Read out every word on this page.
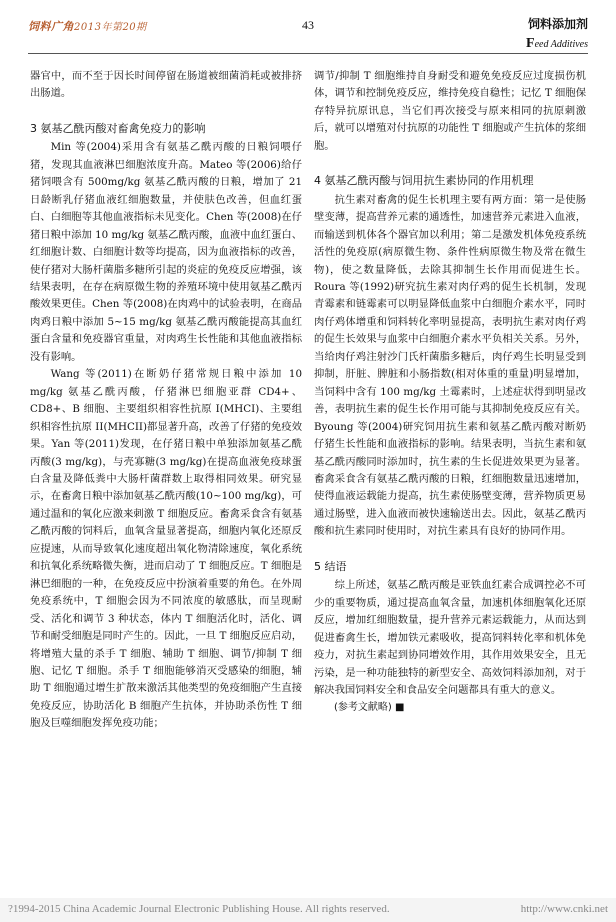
饲料广角2013年第20期	43	饲料添加剂
Feed Additives

器官中，而不至于因长时间停留在肠道被细菌消耗或被排挤出肠道。

3 氨基乙酰丙酸对畜禽免疫力的影响

Min 等(2004)采用含有氨基乙酰丙酸的日粮饲喂仔猪，发现其血液淋巴细胞浓度升高。Mateo 等(2006)给仔猪饲喂含有 500mg/kg 氨基乙酰丙酸的日粮，增加了 21 日龄断乳仔猪血液红细胞数量，并使肤色改善，但血红蛋白、白细胞等其他血液指标未见变化。Chen 等(2008)在仔猪日粮中添加 10 mg/kg 氨基乙酰丙酸，血液中血红蛋白、红细胞计数、白细胞计数等均提高，因为血液指标的改善，使仔猪对大肠杆菌脂多糖所引起的炎症的免疫反应增强，该结果表明，在存在病原微生物的养殖环境中使用氨基乙酰丙酸效果更佳。Chen 等(2008)在肉鸡中的试验表明，在商品肉鸡日粮中添加 5~15 mg/kg 氨基乙酰丙酸能提高其血红蛋白含量和免疫器官重量，对肉鸡生长性能和其他血液指标没有影响。

Wang 等(2011)在断奶仔猪常规日粮中添加 10 mg/kg 氨基乙酰丙酸，仔猪淋巴细胞亚群 CD4+、CD8+、B 细胞、主要组织相容性抗原 I(MHCI)、主要组织相容性抗原 II(MHCII)都显著升高，改善了仔猪的免疫效果。Yan 等(2011)发现，在仔猪日粮中单独添加氨基乙酰丙酸(3 mg/kg)，与壳寡糖(3 mg/kg)在提高血液免疫球蛋白含量及降低粪中大肠杆菌群数上取得相同效果。研究显示，在畜禽日粮中添加氨基乙酰丙酸(10~100 mg/kg)，可通过温和的氧化应激来刺激 T 细胞反应。畜禽采食含有氨基乙酰丙酸的饲料后，血氧含量显著提高，细胞内氧化还原反应提速，从而导致氧化速度超出氧化物清除速度，氧化系统和抗氧化系统略微失衡，进而启动了 T 细胞反应。T 细胞是淋巴细胞的一种，在免疫反应中扮演着重要的角色。在外周免疫系统中，T 细胞会因为不同浓度的敏感肽，而呈现耐受、活化和调节 3 种状态，体内 T 细胞活化时，活化、调节和耐受细胞是同时产生的。因此，一旦 T 细胞反应启动，将增殖大量的杀手 T 细胞、辅助 T 细胞、调节/抑制 T 细胞、记忆 T 细胞。杀手 T 细胞能够消灭受感染的细胞，辅助 T 细胞通过增生扩散来激活其他类型的免疫细胞产生直接免疫反应，协助活化 B 细胞产生抗体，并协助杀伤性 T 细胞及巨噬细胞发挥免疫功能；

调节/抑制 T 细胞维持自身耐受和避免免疫反应过度损伤机体，调节和控制免疫反应，维持免疫自稳性；记忆 T 细胞保存特异抗原讯息，当它们再次接受与原来相同的抗原刺激后，就可以增殖对付抗原的功能性 T 细胞或产生抗体的浆细胞。

4 氨基乙酰丙酸与饲用抗生素协同的作用机理

抗生素对畜禽的促生长机理主要有两方面：第一是使肠壁变薄，提高营养元素的通透性，加速营养元素进入血液，而输送到机体各个器官加以利用；第二是激发机体免疫系统活性的免疫原(病原微生物、条件性病原微生物及常在微生物)，使之数量降低，去除其抑制生长作用而促进生长。Roura 等(1992)研究抗生素对肉仔鸡的促生长机制，发现青霉素和链霉素可以明显降低血浆中白细胞介素水平，同时肉仔鸡体增重和饲料转化率明显提高，表明抗生素对肉仔鸡的促生长效果与血浆中白细胞介素水平负相关关系。另外，当给肉仔鸡注射沙门氏杆菌脂多糖后，肉仔鸡生长明显受到抑制，肝脏、脾脏和小肠指数(相对体重的重量)明显增加，当饲料中含有 100 mg/kg 土霉素时，上述症状得到明显改善，表明抗生素的促生长作用可能与其抑制免疫反应有关。Byoung 等(2004)研究饲用抗生素和氨基乙酰丙酸对断奶仔猪生长性能和血液指标的影响。结果表明，当抗生素和氨基乙酰丙酸同时添加时，抗生素的生长促进效果更为显著。畜禽采食含有氨基乙酰丙酸的日粮，红细胞数量迅速增加，使得血液运载能力提高，抗生素使肠壁变薄，营养物质更易通过肠壁，进入血液而被快速输送出去。因此，氨基乙酰丙酸和抗生素同时使用时，对抗生素具有良好的协同作用。

5 结语

综上所述，氨基乙酰丙酸是亚铁血红素合成调控必不可少的重要物质，通过提高血氧含量，加速机体细胞氧化还原反应，增加红细胞数量，提升营养元素运载能力，从而达到促进畜禽生长，增加铁元素吸收，提高饲料转化率和机体免疫力，对抗生素起到协同增效作用，其作用效果安全，且无污染，是一种功能独特的新型安全、高效饲料添加剂，对于解决我国饲料安全和食品安全问题都具有重大的意义。

(参考文献略) ■

?1994-2015 China Academic Journal Electronic Publishing House. All rights reserved.	http://www.cnki.net
